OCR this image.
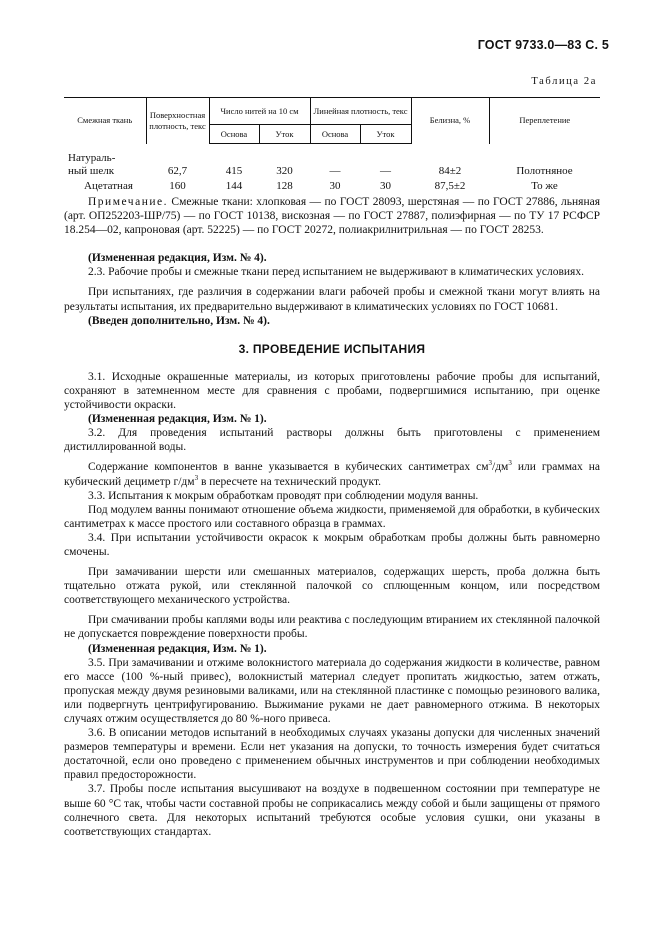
ГОСТ 9733.0—83 С. 5
Таблица 2а
Смежная ткань	Поверхностная плотность, текс	Число нитей на 10 см		Линейная плотность, текс		Белизна, %	Переплетение
		Основа	Уток	Основа	Уток		
Натураль-
ный шелк	62,7	415	320	—	—	84±2	Полотняное
Ацетатная	160	144	128	30	30	87,5±2	То же

Примечание. Смежные ткани: хлопковая — по ГОСТ 28093, шерстяная — по ГОСТ 27886, льняная (арт. ОП252203-ШР/75) — по ГОСТ 10138, вискозная — по ГОСТ 27887, полиэфирная — по ТУ 17 РСФСР 18.254—02, капроновая (арт. 52225) — по ГОСТ 20272, полиакрилнитрильная — по ГОСТ 28253.

(Измененная редакция, Изм. № 4).

2.3. Рабочие пробы и смежные ткани перед испытанием не выдерживают в климатических условиях.

При испытаниях, где различия в содержании влаги рабочей пробы и смежной ткани могут влиять на результаты испытания, их предварительно выдерживают в климатических условиях по ГОСТ 10681.

(Введен дополнительно, Изм. № 4).

3. ПРОВЕДЕНИЕ ИСПЫТАНИЯ

3.1. Исходные окрашенные материалы, из которых приготовлены рабочие пробы для испытаний, сохраняют в затемненном месте для сравнения с пробами, подвергшимися испытанию, при оценке устойчивости окраски.

(Измененная редакция, Изм. № 1).

3.2. Для проведения испытаний растворы должны быть приготовлены с применением дистиллированной воды.

Содержание компонентов в ванне указывается в кубических сантиметрах $см^3/дм^3$ или граммах на кубический дециметр $г/дм^3$ в пересчете на технический продукт.

3.3. Испытания к мокрым обработкам проводят при соблюдении модуля ванны.

Под модулем ванны понимают отношение объема жидкости, применяемой для обработки, в кубических сантиметрах к массе простого или составного образца в граммах.

3.4. При испытании устойчивости окрасок к мокрым обработкам пробы должны быть равномерно смочены.

При замачивании шерсти или смешанных материалов, содержащих шерсть, проба должна быть тщательно отжата рукой, или стеклянной палочкой со сплющенным концом, или посредством соответствующего механического устройства.

При смачивании пробы каплями воды или реактива с последующим втиранием их стеклянной палочкой не допускается повреждение поверхности пробы.

(Измененная редакция, Изм. № 1).

3.5. При замачивании и отжиме волокнистого материала до содержания жидкости в количестве, равном его массе (100 %-ный привес), волокнистый материал следует пропитать жидкостью, затем отжать, пропуская между двумя резиновыми валиками, или на стеклянной пластинке с помощью резинового валика, или подвергнуть центрифугированию. Выжимание руками не дает равномерного отжима. В некоторых случаях отжим осуществляется до 80 %-ного привеса.

3.6. В описании методов испытаний в необходимых случаях указаны допуски для численных значений размеров температуры и времени. Если нет указания на допуски, то точность измерения будет считаться достаточной, если оно проведено с применением обычных инструментов и при соблюдении необходимых правил предосторожности.

3.7. Пробы после испытания высушивают на воздухе в подвешенном состоянии при температуре не выше 60 °С так, чтобы части составной пробы не соприкасались между собой и были защищены от прямого солнечного света. Для некоторых испытаний требуются особые условия сушки, они указаны в соответствующих стандартах.
